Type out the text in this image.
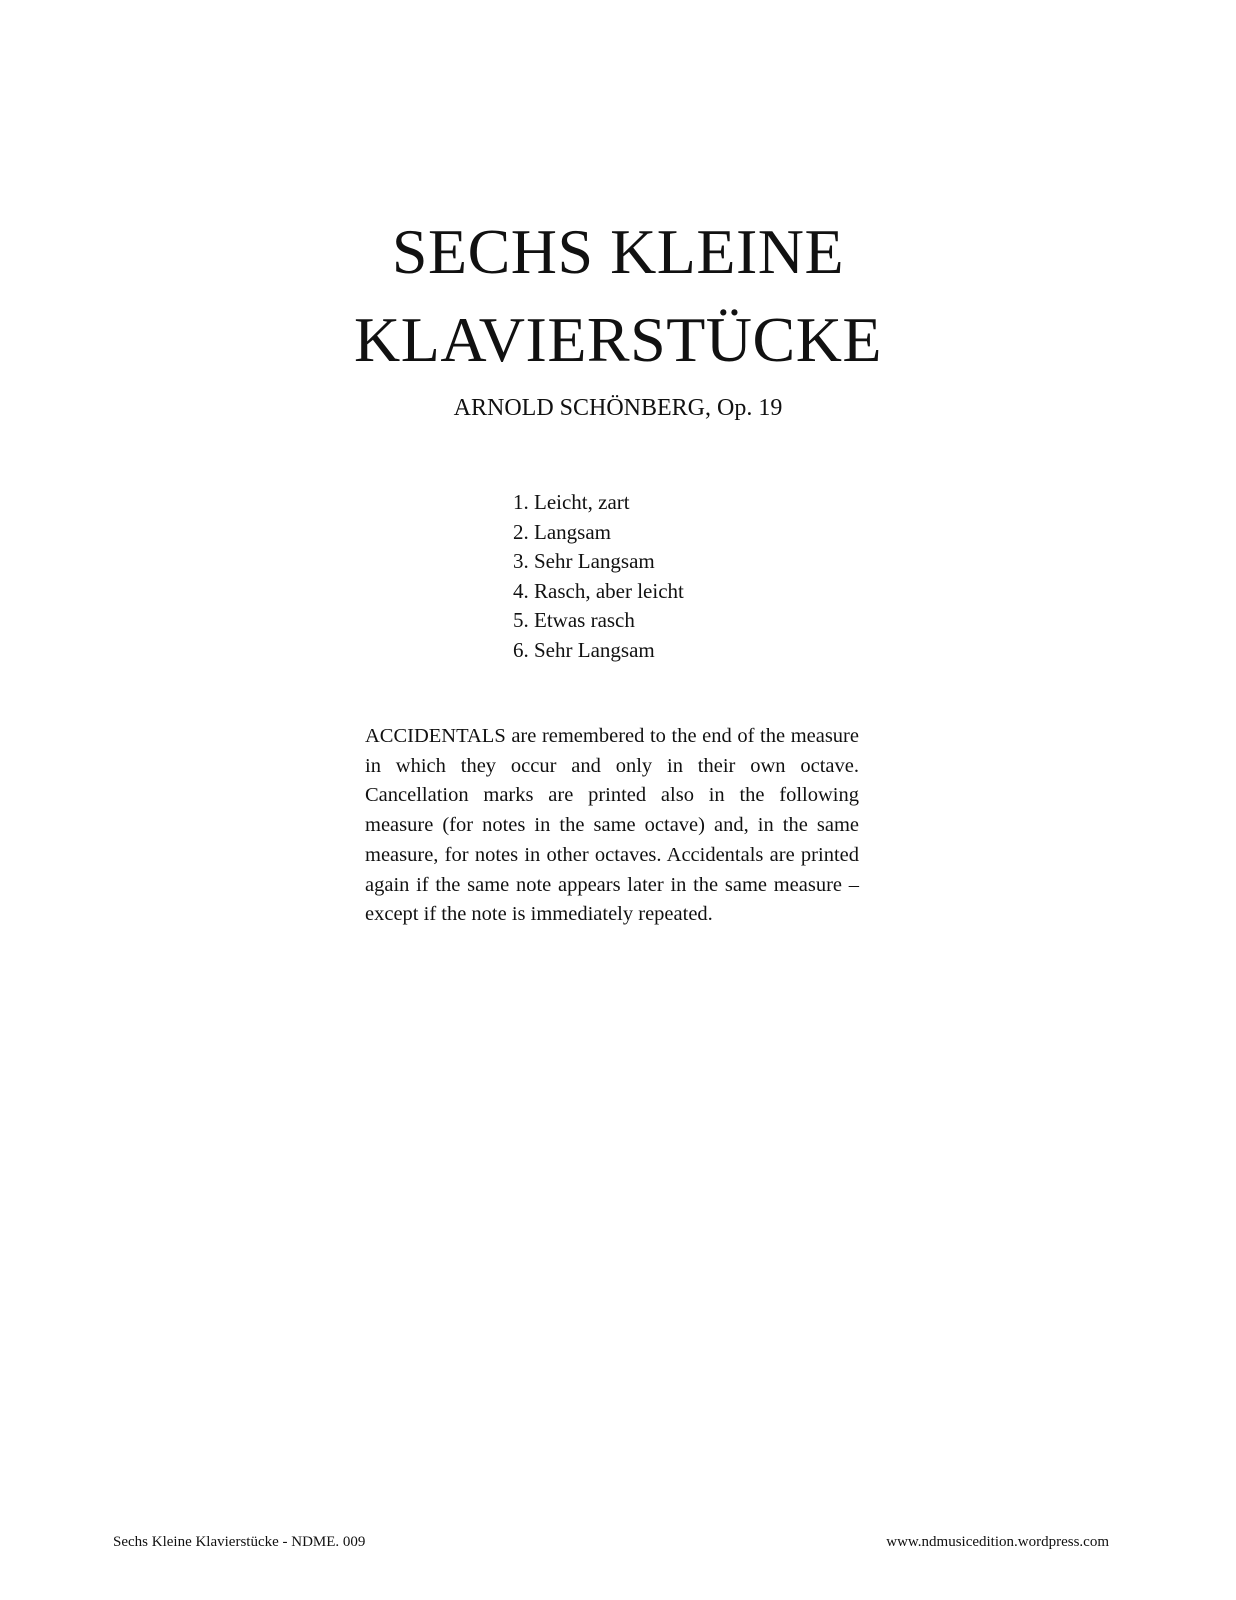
SECHS KLEINE
KLAVIERSTÜCKE

ARNOLD SCHÖNBERG, Op. 19

1. Leicht, zart
2. Langsam
3. Sehr Langsam
4. Rasch, aber leicht
5. Etwas rasch
6. Sehr Langsam

ACCIDENTALS are remembered to the end of the measure in which they occur and only in their own octave. Cancellation marks are printed also in the following measure (for notes in the same octave) and, in the same measure, for notes in other octaves. Accidentals are printed again if the same note appears later in the same measure – except if the note is immediately repeated.

Sechs Kleine Klavierstücke - NDME. 009	www.ndmusicedition.wordpress.com
